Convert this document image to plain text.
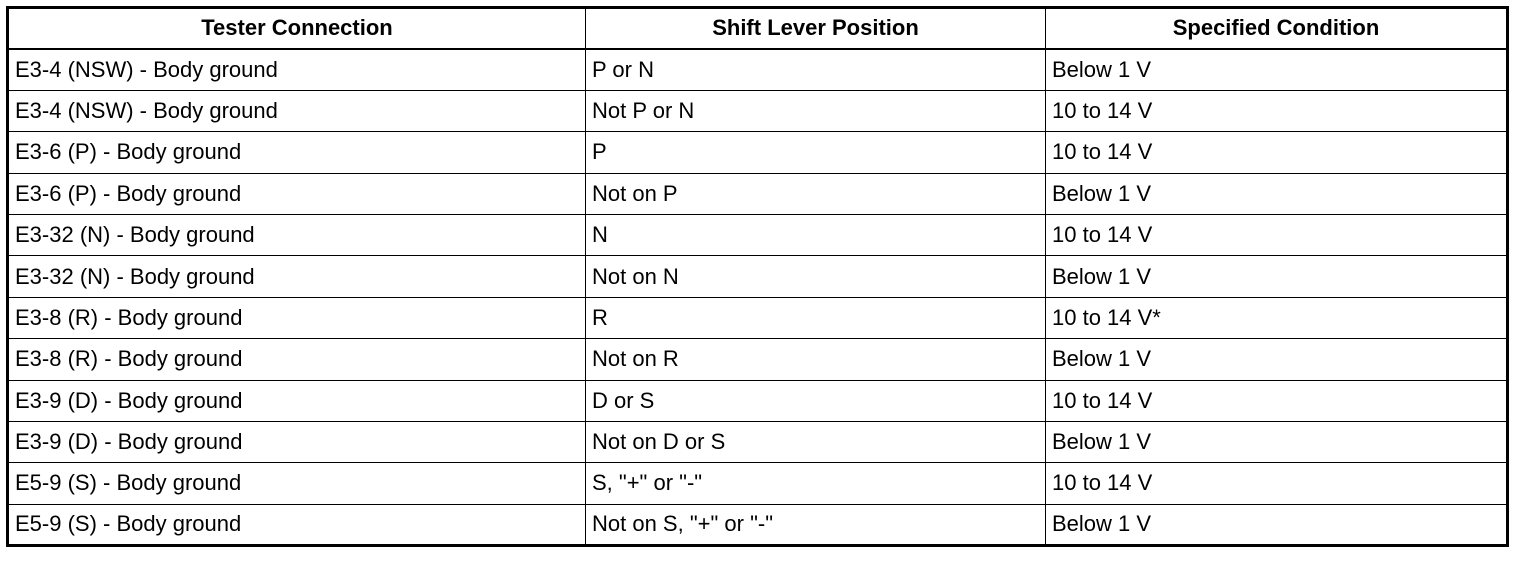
Tester Connection	Shift Lever Position	Specified Condition
E3-4 (NSW) - Body ground	P or N	Below 1 V
E3-4 (NSW) - Body ground	Not P or N	10 to 14 V
E3-6 (P) - Body ground	P	10 to 14 V
E3-6 (P) - Body ground	Not on P	Below 1 V
E3-32 (N) - Body ground	N	10 to 14 V
E3-32 (N) - Body ground	Not on N	Below 1 V
E3-8 (R) - Body ground	R	10 to 14 V*
E3-8 (R) - Body ground	Not on R	Below 1 V
E3-9 (D) - Body ground	D or S	10 to 14 V
E3-9 (D) - Body ground	Not on D or S	Below 1 V
E5-9 (S) - Body ground	S, "+" or "-"	10 to 14 V
E5-9 (S) - Body ground	Not on S, "+" or "-"	Below 1 V
